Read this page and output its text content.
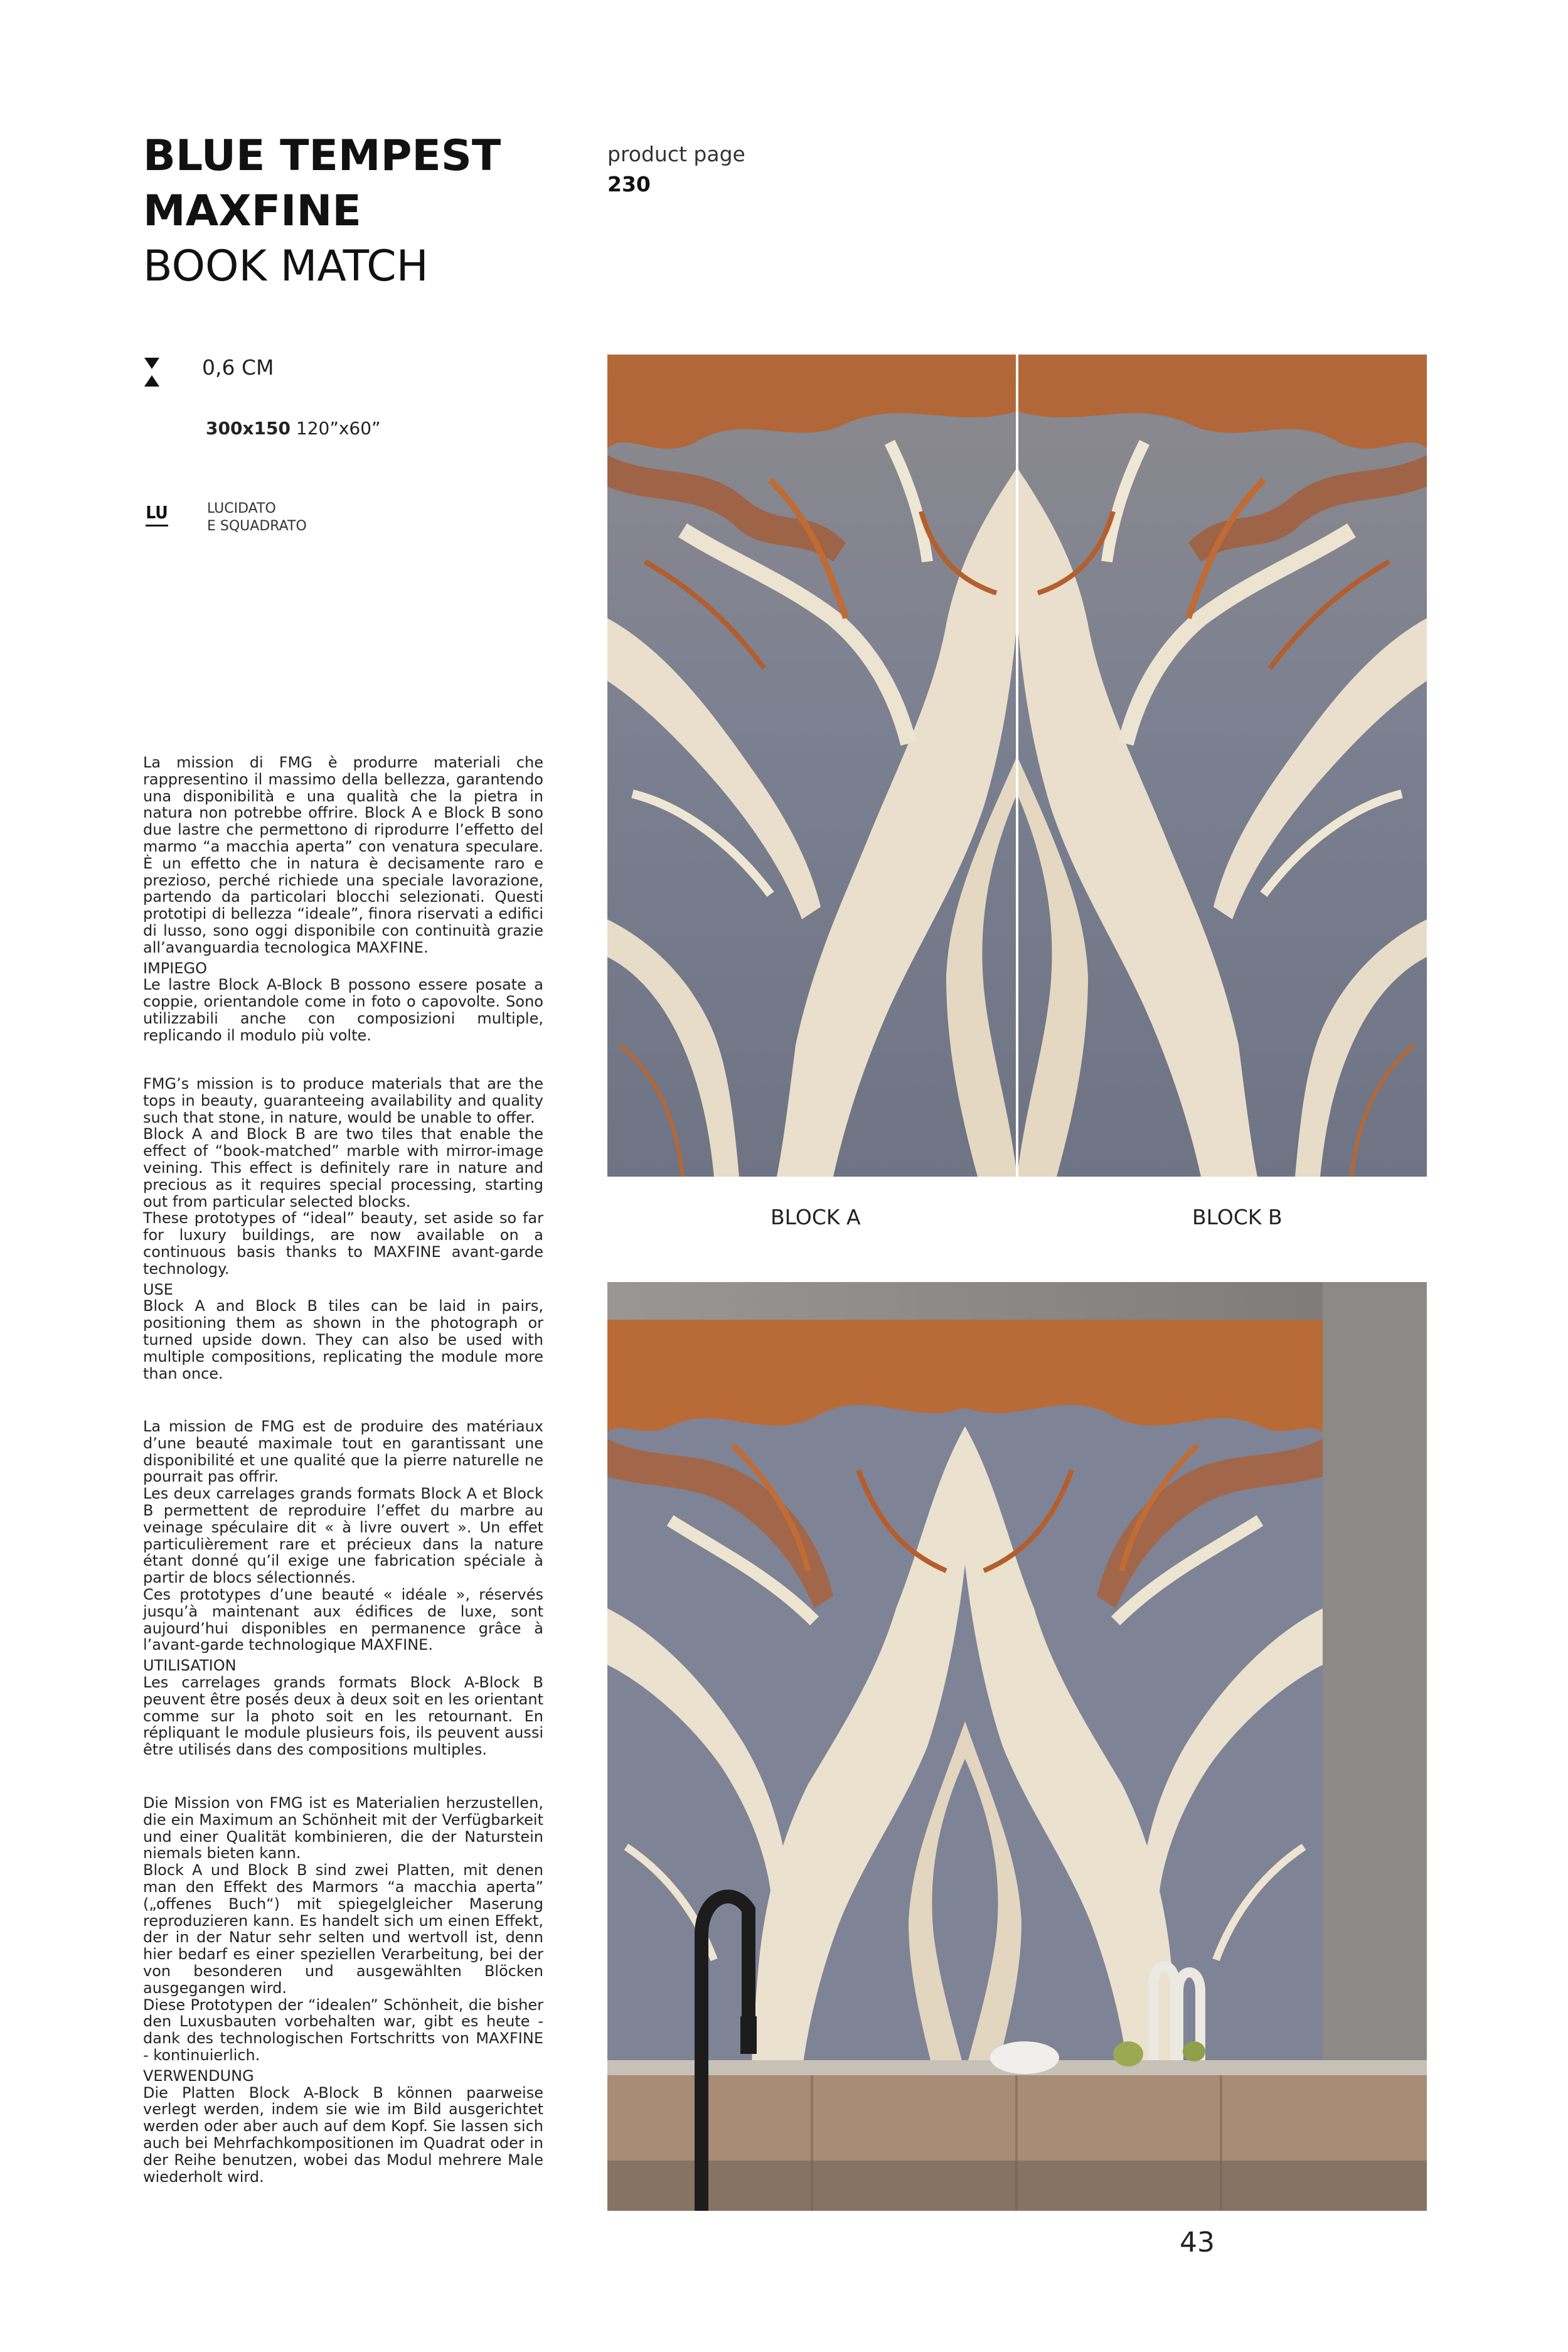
BLUE TEMPEST
MAXFINE
BOOK MATCH
product page
230
0,6 CM
300x150 120”x60”
LU	LUCIDATO
E SQUADRATO

La mission di FMG è produrre materiali che rappresentino il massimo della bellezza, garantendo una disponibilità e una qualità che la pietra in natura non potrebbe offrire. Block A e Block B sono due lastre che permettono di riprodurre l’effetto del marmo “a macchia aperta” con venatura speculare. È un effetto che in natura è decisamente raro e prezioso, perché richiede una speciale lavorazione, partendo da particolari blocchi selezionati. Questi prototipi di bellezza “ideale”, finora riservati a edifici di lusso, sono oggi disponibile con continuità grazie all’avanguardia tecnologica MAXFINE.

IMPIEGO

Le lastre Block A-Block B possono essere posate a coppie, orientandole come in foto o capovolte. Sono utilizzabili anche con composizioni multiple, replicando il modulo più volte.

FMG’s mission is to produce materials that are the tops in beauty, guaranteeing availability and quality such that stone, in nature, would be unable to offer.
Block A and Block B are two tiles that enable the effect of “book-matched” marble with mirror-image veining. This effect is definitely rare in nature and precious as it requires special processing, starting out from particular selected blocks.
These prototypes of “ideal” beauty, set aside so far for luxury buildings, are now available on a continuous basis thanks to MAXFINE avant-garde technology.

USE

Block A and Block B tiles can be laid in pairs, positioning them as shown in the photograph or turned upside down. They can also be used with multiple compositions, replicating the module more than once.

La mission de FMG est de produire des matériaux d’une beauté maximale tout en garantissant une disponibilité et une qualité que la pierre naturelle ne pourrait pas offrir.
Les deux carrelages grands formats Block A et Block B permettent de reproduire l’effet du marbre au veinage spéculaire dit « à livre ouvert ». Un effet particulièrement rare et précieux dans la nature étant donné qu’il exige une fabrication spéciale à partir de blocs sélectionnés.
Ces prototypes d’une beauté « idéale », réservés jusqu’à maintenant aux édifices de luxe, sont aujourd’hui disponibles en permanence grâce à l’avant-garde technologique MAXFINE.

UTILISATION

Les carrelages grands formats Block A-Block B peuvent être posés deux à deux soit en les orientant comme sur la photo soit en les retournant. En répliquant le module plusieurs fois, ils peuvent aussi être utilisés dans des compositions multiples.

Die Mission von FMG ist es Materialien herzustellen, die ein Maximum an Schönheit mit der Verfügbarkeit und einer Qualität kombinieren, die der Naturstein niemals bieten kann.
Block A und Block B sind zwei Platten, mit denen man den Effekt des Marmors “a macchia aperta” („offenes Buch“) mit spiegelgleicher Maserung reproduzieren kann. Es handelt sich um einen Effekt, der in der Natur sehr selten und wertvoll ist, denn hier bedarf es einer speziellen Verarbeitung, bei der von besonderen und ausgewählten Blöcken ausgegangen wird.
Diese Prototypen der “idealen” Schönheit, die bisher den Luxusbauten vorbehalten war, gibt es heute - dank des technologischen Fortschritts von MAXFINE - kontinuierlich.

VERWENDUNG

Die Platten Block A-Block B können paarweise verlegt werden, indem sie wie im Bild ausgerichtet werden oder aber auch auf dem Kopf. Sie lassen sich auch bei Mehrfachkompositionen im Quadrat oder in der Reihe benutzen, wobei das Modul mehrere Male wiederholt wird.

BLOCK A	BLOCK B
43
